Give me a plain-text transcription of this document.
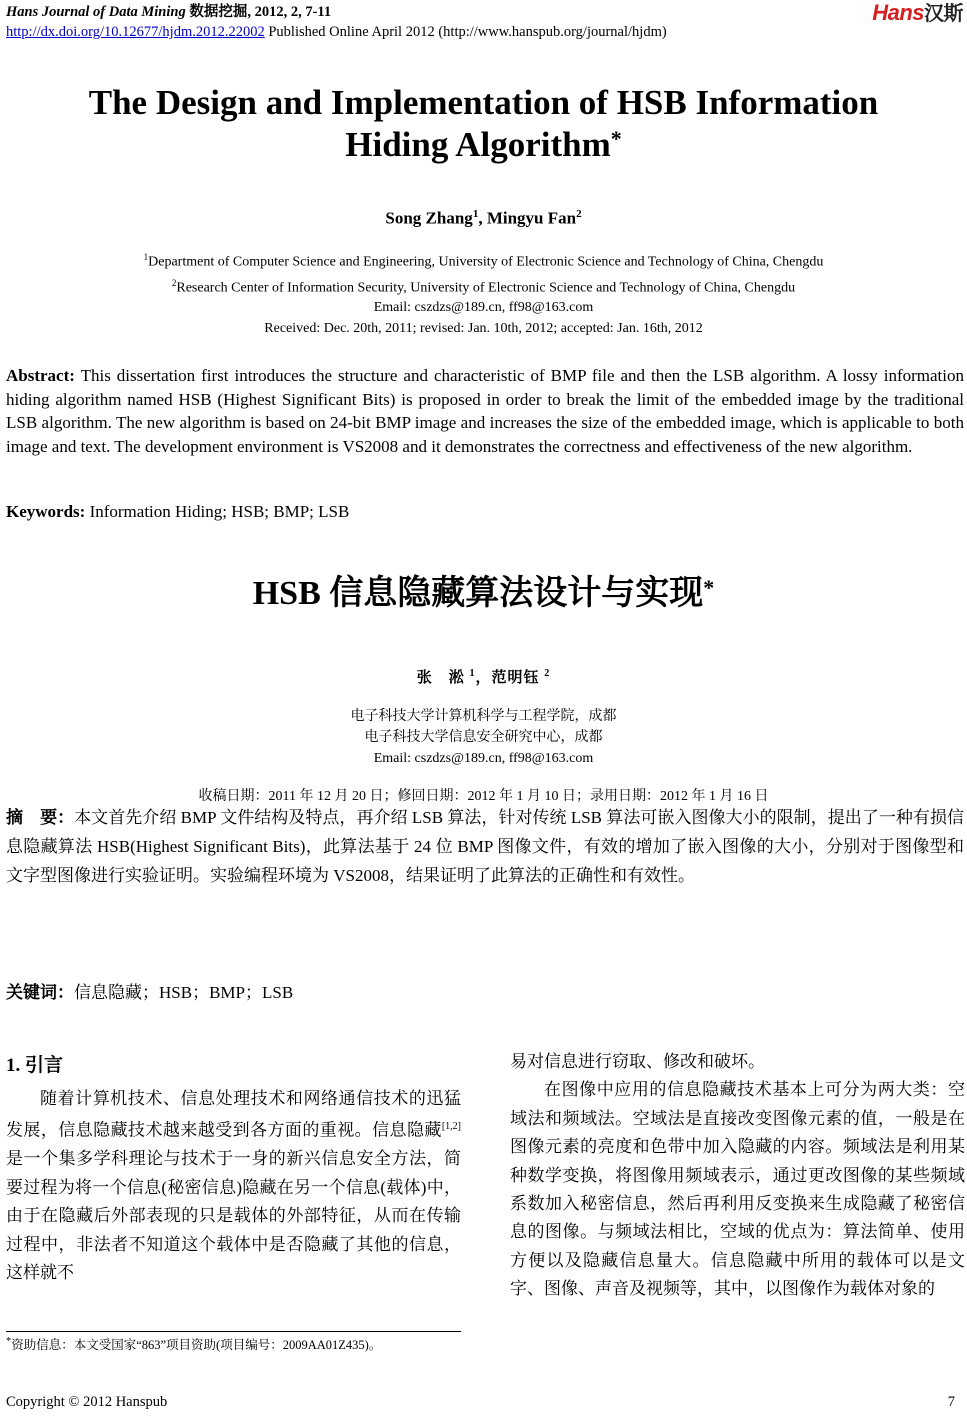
Hans Journal of Data Mining 数据挖掘, 2012, 2, 7-11
http://dx.doi.org/10.12677/hjdm.2012.22002 Published Online April 2012 (http://www.hanspub.org/journal/hjdm)
Hans汉斯
The Design and Implementation of HSB Information
Hiding Algorithm*
Song Zhang$^1$, Mingyu Fan$^2$
$^1$Department of Computer Science and Engineering, University of Electronic Science and Technology of China, Chengdu
$^2$Research Center of Information Security, University of Electronic Science and Technology of China, Chengdu
Email: cszdzs@189.cn, ff98@163.com
Received: Dec. 20th, 2011; revised: Jan. 10th, 2012; accepted: Jan. 16th, 2012
Abstract: This dissertation first introduces the structure and characteristic of BMP file and then the LSB algorithm. A lossy information hiding algorithm named HSB (Highest Significant Bits) is proposed in order to break the limit of the embedded image by the traditional LSB algorithm. The new algorithm is based on 24-bit BMP image and increases the size of the embedded image, which is applicable to both image and text. The development environment is VS2008 and it demonstrates the correctness and effectiveness of the new algorithm.
Keywords: Information Hiding; HSB; BMP; LSB
HSB 信息隐藏算法设计与实现*
张　淞 $^1$，范明钰 $^2$
电子科技大学计算机科学与工程学院，成都
电子科技大学信息安全研究中心，成都
Email: cszdzs@189.cn, ff98@163.com
收稿日期：2011 年 12 月 20 日；修回日期：2012 年 1 月 10 日；录用日期：2012 年 1 月 16 日
摘　要：本文首先介绍 BMP 文件结构及特点，再介绍 LSB 算法，针对传统 LSB 算法可嵌入图像大小的限制，提出了一种有损信息隐藏算法 HSB(Highest Significant Bits)，此算法基于 24 位 BMP 图像文件，有效的增加了嵌入图像的大小，分别对于图像型和文字型图像进行实验证明。实验编程环境为 VS2008，结果证明了此算法的正确性和有效性。
关键词：信息隐藏；HSB；BMP；LSB
1. 引言

随着计算机技术、信息处理技术和网络通信技术的迅猛发展，信息隐藏技术越来越受到各方面的重视。信息隐藏[1,2]是一个集多学科理论与技术于一身的新兴信息安全方法，简要过程为将一个信息(秘密信息)隐藏在另一个信息(载体)中，由于在隐藏后外部表现的只是载体的外部特征，从而在传输过程中，非法者不知道这个载体中是否隐藏了其他的信息，这样就不

易对信息进行窃取、修改和破坏。

在图像中应用的信息隐藏技术基本上可分为两大类：空域法和频域法。空域法是直接改变图像元素的值，一般是在图像元素的亮度和色带中加入隐藏的内容。频域法是利用某种数学变换，将图像用频域表示，通过更改图像的某些频域系数加入秘密信息，然后再利用反变换来生成隐藏了秘密信息的图像。与频域法相比，空域的优点为：算法简单、使用方便以及隐藏信息量大。信息隐藏中所用的载体可以是文字、图像、声音及视频等，其中，以图像作为载体对象的

*资助信息：本文受国家“863”项目资助(项目编号：2009AA01Z435)。
Copyright © 2012 Hanspub	7
